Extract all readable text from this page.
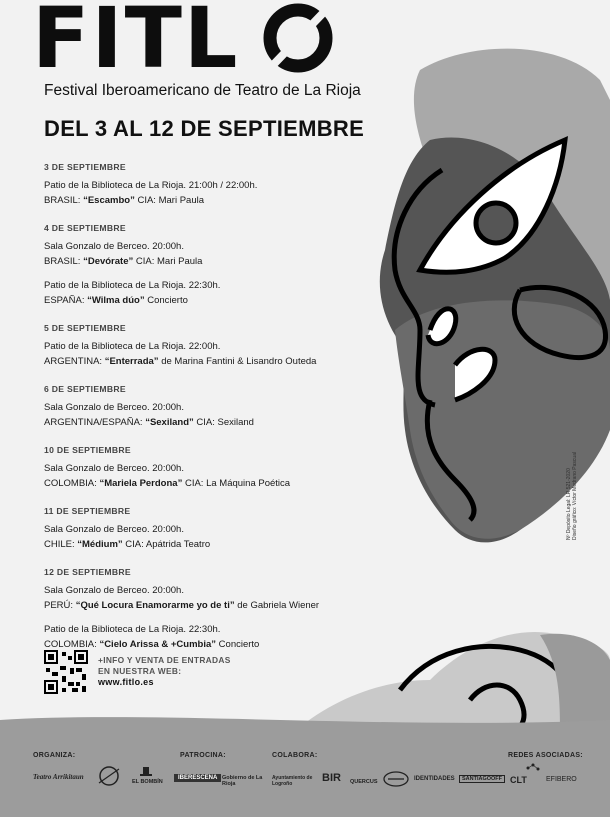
FITL
Festival Iberoamericano de Teatro de La Rioja
DEL 3 AL 12 DE SEPTIEMBRE
3 DE SEPTIEMBRE
Patio de la Biblioteca de La Rioja. 21:00h / 22:00h.
BRASIL: “Escambo” CIA: Mari Paula
4 DE SEPTIEMBRE
Sala Gonzalo de Berceo. 20:00h.
BRASIL: “Devórate” CIA: Mari Paula
Patio de la Biblioteca de La Rioja. 22:30h.
ESPAÑA: “Wilma dúo” Concierto
5 DE SEPTIEMBRE
Patio de la Biblioteca de La Rioja. 22:00h.
ARGENTINA: “Enterrada” de Marina Fantini & Lisandro Outeda
6 DE SEPTIEMBRE
Sala Gonzalo de Berceo. 20:00h.
ARGENTINA/ESPAÑA: “Sexiland” CIA: Sexiland
10 DE SEPTIEMBRE
Sala Gonzalo de Berceo. 20:00h.
COLOMBIA: “Mariela Perdona” CIA: La Máquina Poética
11 DE SEPTIEMBRE
Sala Gonzalo de Berceo. 20:00h.
CHILE: “Médium” CIA: Apátrida Teatro
12 DE SEPTIEMBRE
Sala Gonzalo de Berceo. 20:00h.
PERÚ: “Qué Locura Enamorarme yo de ti” de Gabriela Wiener
Patio de la Biblioteca de La Rioja. 22:30h.
COLOMBIA: “Cielo Arissa & +Cumbia” Concierto
+INFO Y VENTA DE ENTRADAS
EN NUESTRA WEB:
www.fitlo.es
Nº Depósito Legal: LR 521-2020 Diseño gráfico: Víctor Medrano Pascual
ORGANIZA:	PATROCINA:	COLABORA:	REDES ASOCIADAS:
Teatro Arrikitaun
EL BOMBÍN
IBERESCENA Gobierno de La Rioja
Ayuntamiento de Logroño	BIR QUERCUS	IDENTIDADES	SANTIAGOOFF CLT	EFIBERO
